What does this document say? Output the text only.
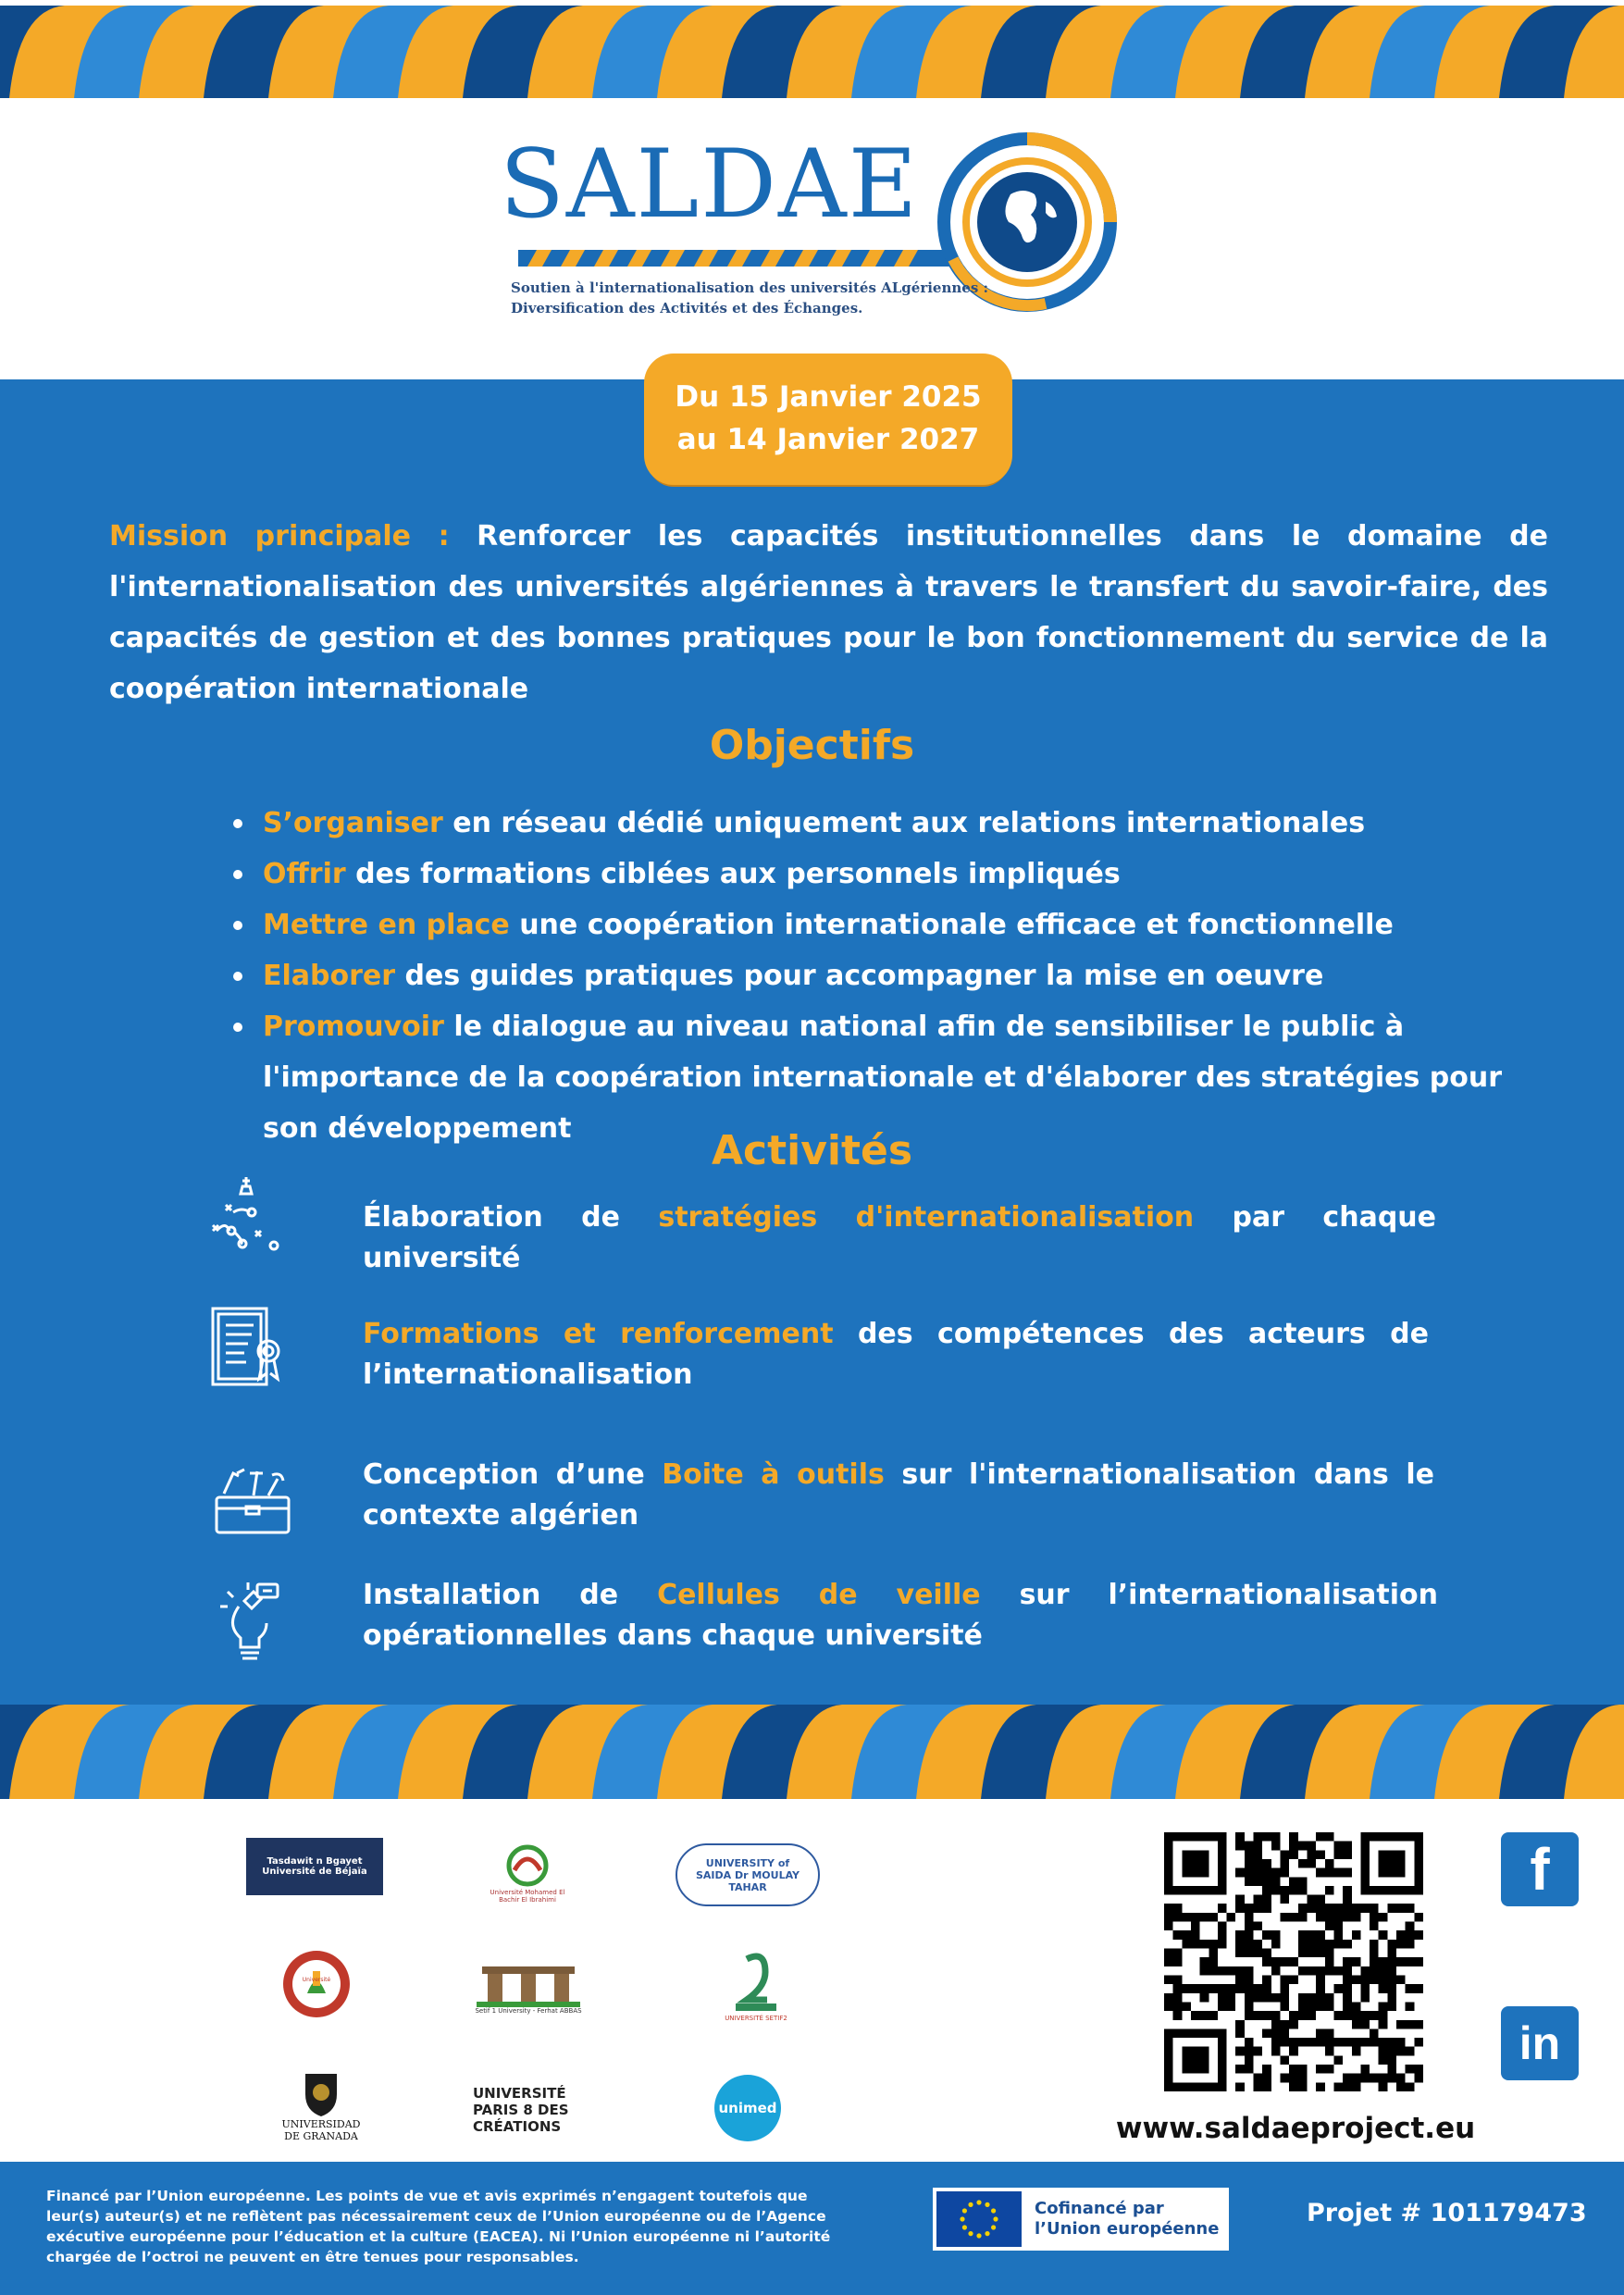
SALDAE
Soutien à l'internationalisation des universités ALgériennes :
Diversification des Activités et des Échanges.
Du 15 Janvier 2025
au 14 Janvier 2027
Mission principale : Renforcer les capacités institutionnelles dans le domaine de l'internationalisation des universités algériennes à travers le transfert du savoir-faire, des capacités de gestion et des bonnes pratiques pour le bon fonctionnement du service de la coopération internationale
Objectifs
S’organiser en réseau dédié uniquement aux relations internationales
Offrir des formations ciblées aux personnels impliqués
Mettre en place une coopération internationale efficace et fonctionnelle
Elaborer des guides pratiques pour accompagner la mise en oeuvre
Promouvoir le dialogue au niveau national afin de sensibiliser le public à l'importance de la coopération internationale et d'élaborer des stratégies pour son développement	Activités
Élaboration de stratégies d'internationalisation par chaque université
Formations et renforcement des compétences des acteurs de l’internationalisation
Conception d’une Boite à outils sur l'internationalisation dans le contexte algérien
Installation de Cellules de veille sur l’internationalisation opérationnelles dans chaque université
Tasdawit n Bgayet Université de Béjaïa
Université Mohamed El Bachir El Ibrahimi
UNIVERSITY of SAIDA Dr MOULAY TAHAR
Université
Setif 1 University - Ferhat ABBAS
UNIVERSITÉ SETIF2
UNIVERSIDAD DE GRANADA
UNIVERSITÉ PARIS 8 DES CRÉATIONS
unimed
f
in
www.saldaeproject.eu
Financé par l’Union européenne. Les points de vue et avis exprimés n’engagent toutefois que leur(s) auteur(s) et ne reflètent pas nécessairement ceux de l’Union européenne ou de l’Agence exécutive européenne pour l’éducation et la culture (EACEA). Ni l’Union européenne ni l’autorité chargée de l’octroi ne peuvent en être tenues pour responsables.
Cofinancé par
l’Union européenne
Projet # 101179473
